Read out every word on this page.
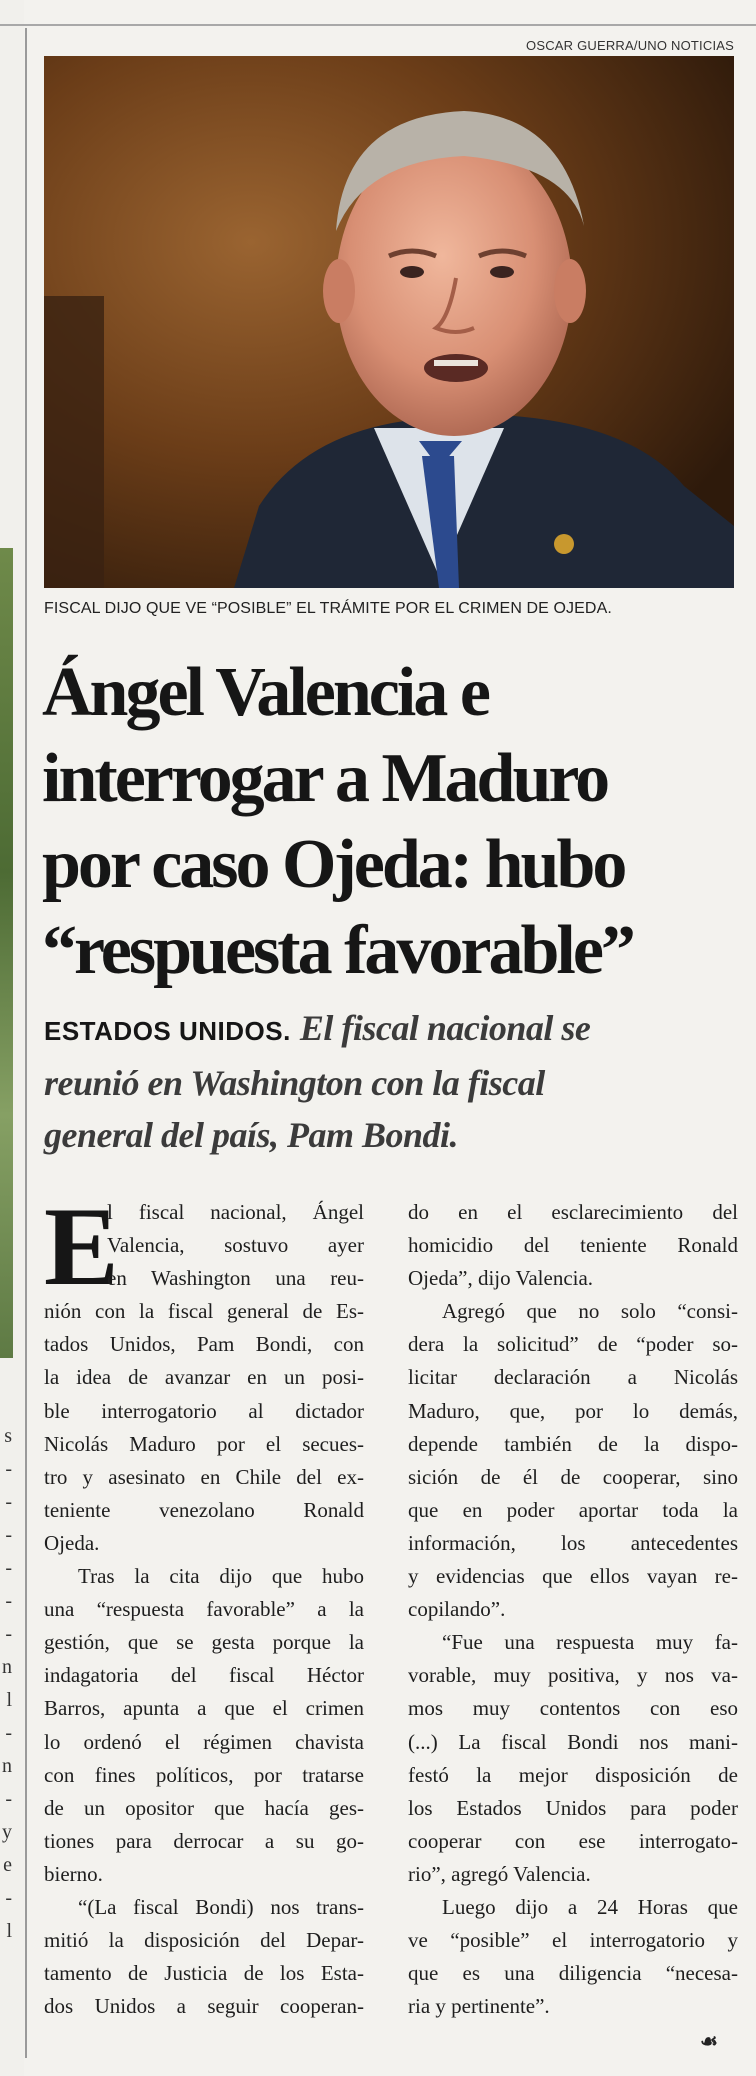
s
-
-
-
-
-
-
n
l
-
n
-
y
e
-
l
OSCAR GUERRA/UNO NOTICIAS
FISCAL DIJO QUE VE “POSIBLE” EL TRÁMITE POR EL CRIMEN DE OJEDA.
Ángel Valencia e
interrogar a Maduro
por caso Ojeda: hubo
“respuesta favorable”
ESTADOS UNIDOS. El fiscal nacional se
reunió en Washington con la fiscal
general del país, Pam Bondi.
E
l fiscal nacional, Ángel
Valencia, sostuvo ayer
en Washington una reu-
nión con la fiscal general de Es-
tados Unidos, Pam Bondi, con
la idea de avanzar en un posi-
ble interrogatorio al dictador
Nicolás Maduro por el secues-
tro y asesinato en Chile del ex-
teniente venezolano Ronald
Ojeda.
Tras la cita dijo que hubo
una “respuesta favorable” a la
gestión, que se gesta porque la
indagatoria del fiscal Héctor
Barros, apunta a que el crimen
lo ordenó el régimen chavista
con fines políticos, por tratarse
de un opositor que hacía ges-
tiones para derrocar a su go-
bierno.
“(La fiscal Bondi) nos trans-
mitió la disposición del Depar-
tamento de Justicia de los Esta-
dos Unidos a seguir cooperan-
do en el esclarecimiento del
homicidio del teniente Ronald
Ojeda”, dijo Valencia.
Agregó que no solo “consi-
dera la solicitud” de “poder so-
licitar declaración a Nicolás
Maduro, que, por lo demás,
depende también de la dispo-
sición de él de cooperar, sino
que en poder aportar toda la
información, los antecedentes
y evidencias que ellos vayan re-
copilando”.
“Fue una respuesta muy fa-
vorable, muy positiva, y nos va-
mos muy contentos con eso
(...) La fiscal Bondi nos mani-
festó la mejor disposición de
los Estados Unidos para poder
cooperar con ese interrogato-
rio”, agregó Valencia.
Luego dijo a 24 Horas que
ve “posible” el interrogatorio y
que es una diligencia “necesa-
ria y pertinente”.
☙
